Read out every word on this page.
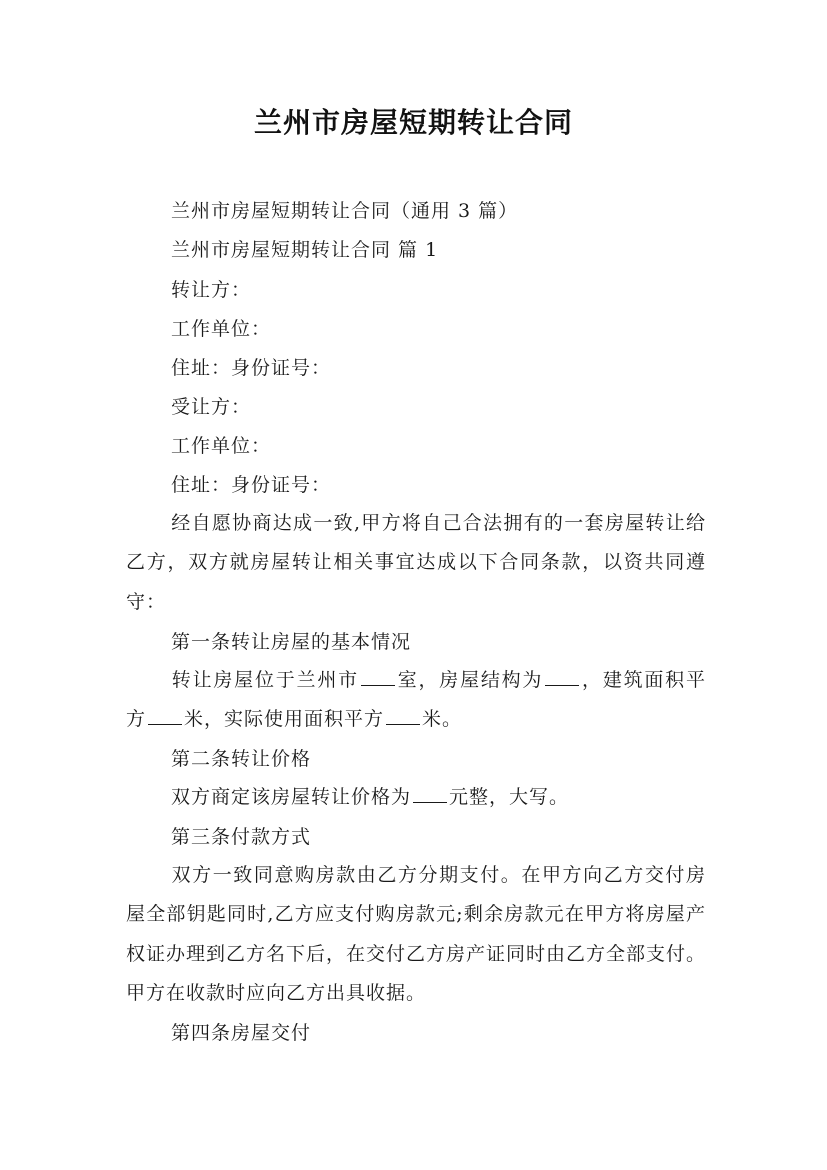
兰州市房屋短期转让合同
兰州市房屋短期转让合同（通用 3 篇）
兰州市房屋短期转让合同 篇 1
转让方：
工作单位：
住址：身份证号：
受让方：
工作单位：
住址：身份证号：
经自愿协商达成一致,甲方将自己合法拥有的一套房屋转让给乙方，双方就房屋转让相关事宜达成以下合同条款，以资共同遵守：
第一条转让房屋的基本情况
转让房屋位于兰州市 室，房屋结构为 ，建筑面积平方 米，实际使用面积平方 米。
第二条转让价格
双方商定该房屋转让价格为 元整，大写。
第三条付款方式
双方一致同意购房款由乙方分期支付。在甲方向乙方交付房屋全部钥匙同时,乙方应支付购房款元;剩余房款元在甲方将房屋产权证办理到乙方名下后，在交付乙方房产证同时由乙方全部支付。甲方在收款时应向乙方出具收据。
第四条房屋交付
